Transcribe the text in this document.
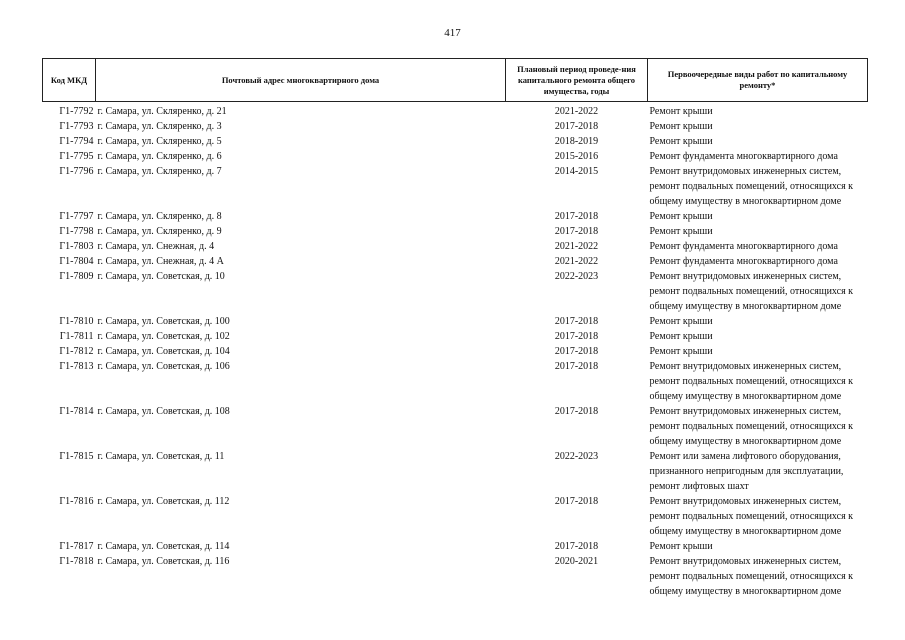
417
Код МКД	Почтовый адрес многоквартирного дома	Плановый период проведе-ния капитального ремонта общего имущества, годы	Первоочередные виды работ по капитальному ремонту*
Г1-7792	г. Самара, ул. Скляренко, д. 21	2021-2022	Ремонт крыши

Г1-7793	г. Самара, ул. Скляренко, д. 3	2017-2018	Ремонт крыши

Г1-7794	г. Самара, ул. Скляренко, д. 5	2018-2019	Ремонт крыши

Г1-7795	г. Самара, ул. Скляренко, д. 6	2015-2016	Ремонт фундамента многоквартирного дома

Г1-7796	г. Самара, ул. Скляренко, д. 7	2014-2015	Ремонт внутридомовых инженерных систем,
ремонт подвальных помещений, относящихся к
общему имуществу в многоквартирном доме

Г1-7797	г. Самара, ул. Скляренко, д. 8	2017-2018	Ремонт крыши

Г1-7798	г. Самара, ул. Скляренко, д. 9	2017-2018	Ремонт крыши

Г1-7803	г. Самара, ул. Снежная, д. 4	2021-2022	Ремонт фундамента многоквартирного дома

Г1-7804	г. Самара, ул. Снежная, д. 4 А	2021-2022	Ремонт фундамента многоквартирного дома

Г1-7809	г. Самара, ул. Советская, д. 10	2022-2023	Ремонт внутридомовых инженерных систем,
ремонт подвальных помещений, относящихся к
общему имуществу в многоквартирном доме

Г1-7810	г. Самара, ул. Советская, д. 100	2017-2018	Ремонт крыши

Г1-7811	г. Самара, ул. Советская, д. 102	2017-2018	Ремонт крыши

Г1-7812	г. Самара, ул. Советская, д. 104	2017-2018	Ремонт крыши

Г1-7813	г. Самара, ул. Советская, д. 106	2017-2018	Ремонт внутридомовых инженерных систем,
ремонт подвальных помещений, относящихся к
общему имуществу в многоквартирном доме

Г1-7814	г. Самара, ул. Советская, д. 108	2017-2018	Ремонт внутридомовых инженерных систем,
ремонт подвальных помещений, относящихся к
общему имуществу в многоквартирном доме

Г1-7815	г. Самара, ул. Советская, д. 11	2022-2023	Ремонт или замена лифтового оборудования,
признанного непригодным для эксплуатации,
ремонт лифтовых шахт

Г1-7816	г. Самара, ул. Советская, д. 112	2017-2018	Ремонт внутридомовых инженерных систем,
ремонт подвальных помещений, относящихся к
общему имуществу в многоквартирном доме

Г1-7817	г. Самара, ул. Советская, д. 114	2017-2018	Ремонт крыши

Г1-7818	г. Самара, ул. Советская, д. 116	2020-2021	Ремонт внутридомовых инженерных систем,
ремонт подвальных помещений, относящихся к
общему имуществу в многоквартирном доме
